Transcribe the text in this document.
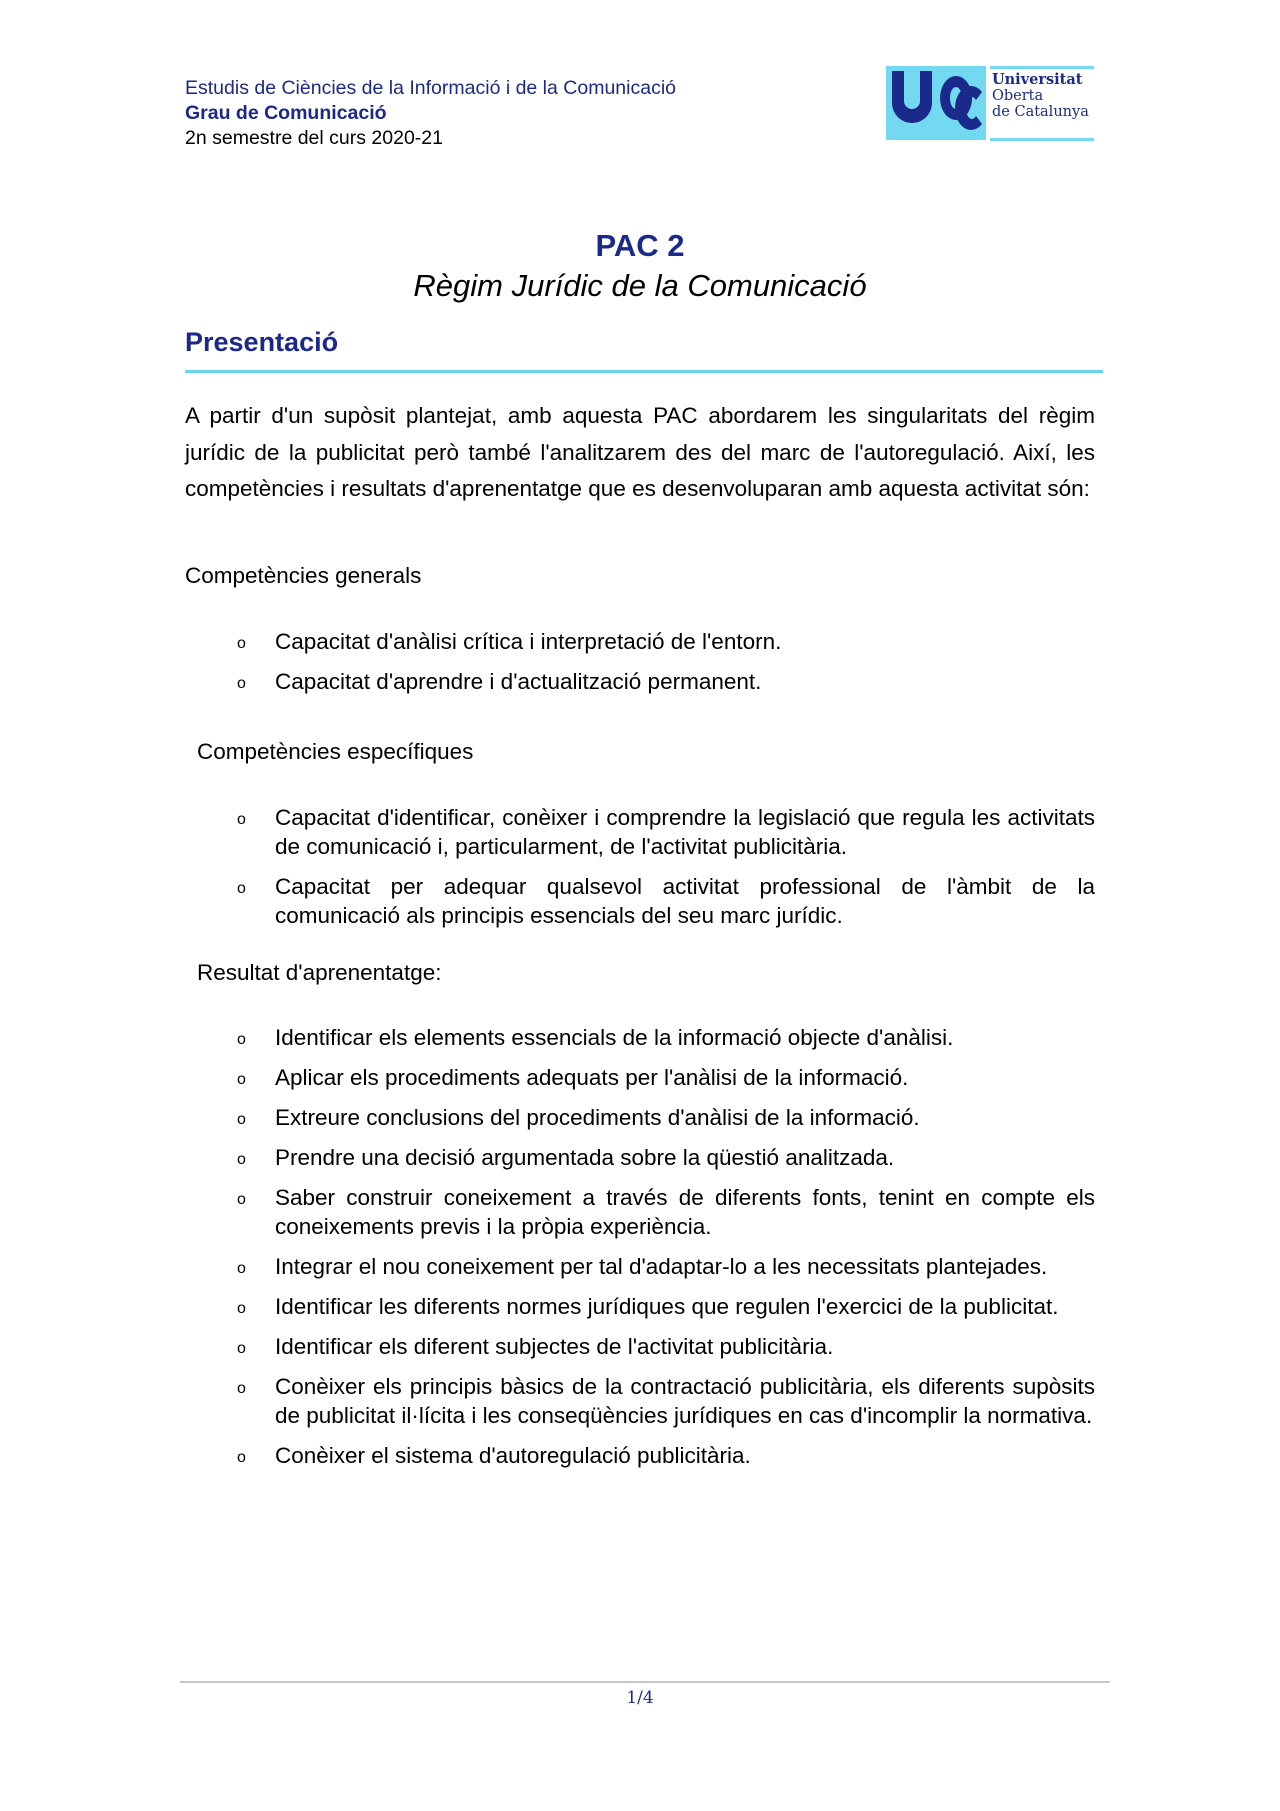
Estudis de Ciències de la Informació i de la Comunicació
Grau de Comunicació
2n semestre del curs 2020-21
Universitat
Oberta
de Catalunya
PAC 2
Règim Jurídic de la Comunicació
Presentació

A partir d'un supòsit plantejat, amb aquesta PAC abordarem les singularitats del règim jurídic de la publicitat però també l'analitzarem des del marc de l'autoregulació. Així, les competències i resultats d'aprenentatge que es desenvoluparan amb aquesta activitat són:

Competències generals
o Capacitat d'anàlisi crítica i interpretació de l'entorn.
o Capacitat d'aprendre i d'actualització permanent.
Competències específiques
o Capacitat d'identificar, conèixer i comprendre la legislació que regula les activitats de comunicació i, particularment, de l'activitat publicitària.
o Capacitat per adequar qualsevol activitat professional de l'àmbit de la comunicació als principis essencials del seu marc jurídic.
Resultat d'aprenentatge:
o Identificar els elements essencials de la informació objecte d'anàlisi.
o Aplicar els procediments adequats per l'anàlisi de la informació.
o Extreure conclusions del procediments d'anàlisi de la informació.
o Prendre una decisió argumentada sobre la qüestió analitzada.
o Saber construir coneixement a través de diferents fonts, tenint en compte els coneixements previs i la pròpia experiència.
o Integrar el nou coneixement per tal d'adaptar-lo a les necessitats plantejades.
o Identificar les diferents normes jurídiques que regulen l'exercici de la publicitat.
o Identificar els diferent subjectes de l'activitat publicitària.
o Conèixer els principis bàsics de la contractació publicitària, els diferents supòsits de publicitat il·lícita i les conseqüències jurídiques en cas d'incomplir la normativa.
o Conèixer el sistema d'autoregulació publicitària.
1/4
